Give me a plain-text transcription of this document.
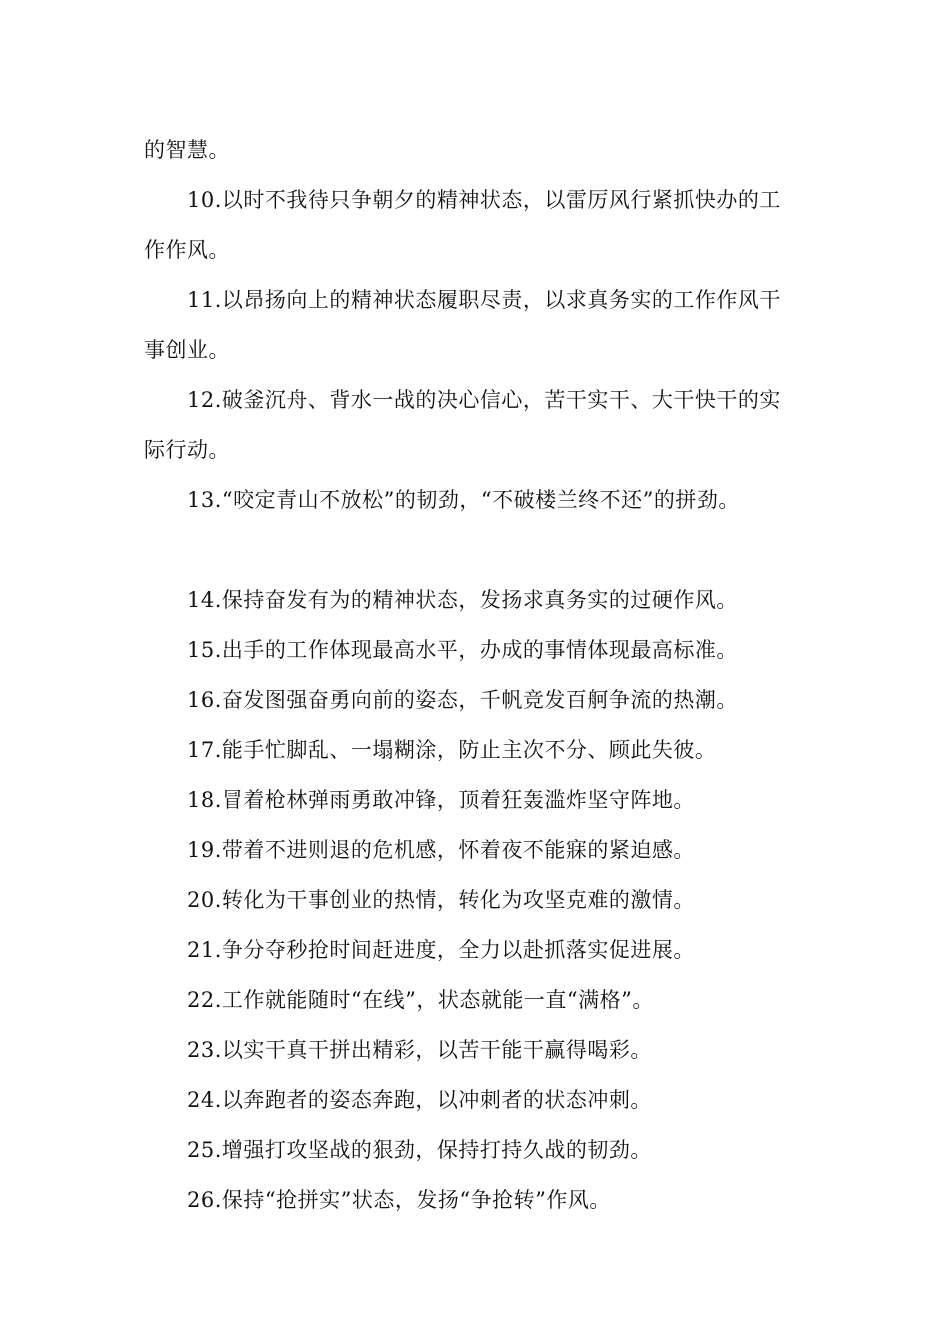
的智慧。
10.以时不我待只争朝夕的精神状态，以雷厉风行紧抓快办的工
作作风。
11.以昂扬向上的精神状态履职尽责，以求真务实的工作作风干
事创业。
12.破釜沉舟、背水一战的决心信心，苦干实干、大干快干的实
际行动。
13.“咬定青山不放松”的韧劲，“不破楼兰终不还”的拼劲。
14.保持奋发有为的精神状态，发扬求真务实的过硬作风。
15.出手的工作体现最高水平，办成的事情体现最高标准。
16.奋发图强奋勇向前的姿态，千帆竞发百舸争流的热潮。
17.能手忙脚乱、一塌糊涂，防止主次不分、顾此失彼。
18.冒着枪林弹雨勇敢冲锋，顶着狂轰滥炸坚守阵地。
19.带着不进则退的危机感，怀着夜不能寐的紧迫感。
20.转化为干事创业的热情，转化为攻坚克难的激情。
21.争分夺秒抢时间赶进度，全力以赴抓落实促进展。
22.工作就能随时“在线”，状态就能一直“满格”。
23.以实干真干拼出精彩，以苦干能干赢得喝彩。
24.以奔跑者的姿态奔跑，以冲刺者的状态冲刺。
25.增强打攻坚战的狠劲，保持打持久战的韧劲。
26.保持“抢拼实”状态，发扬“争抢转”作风。
